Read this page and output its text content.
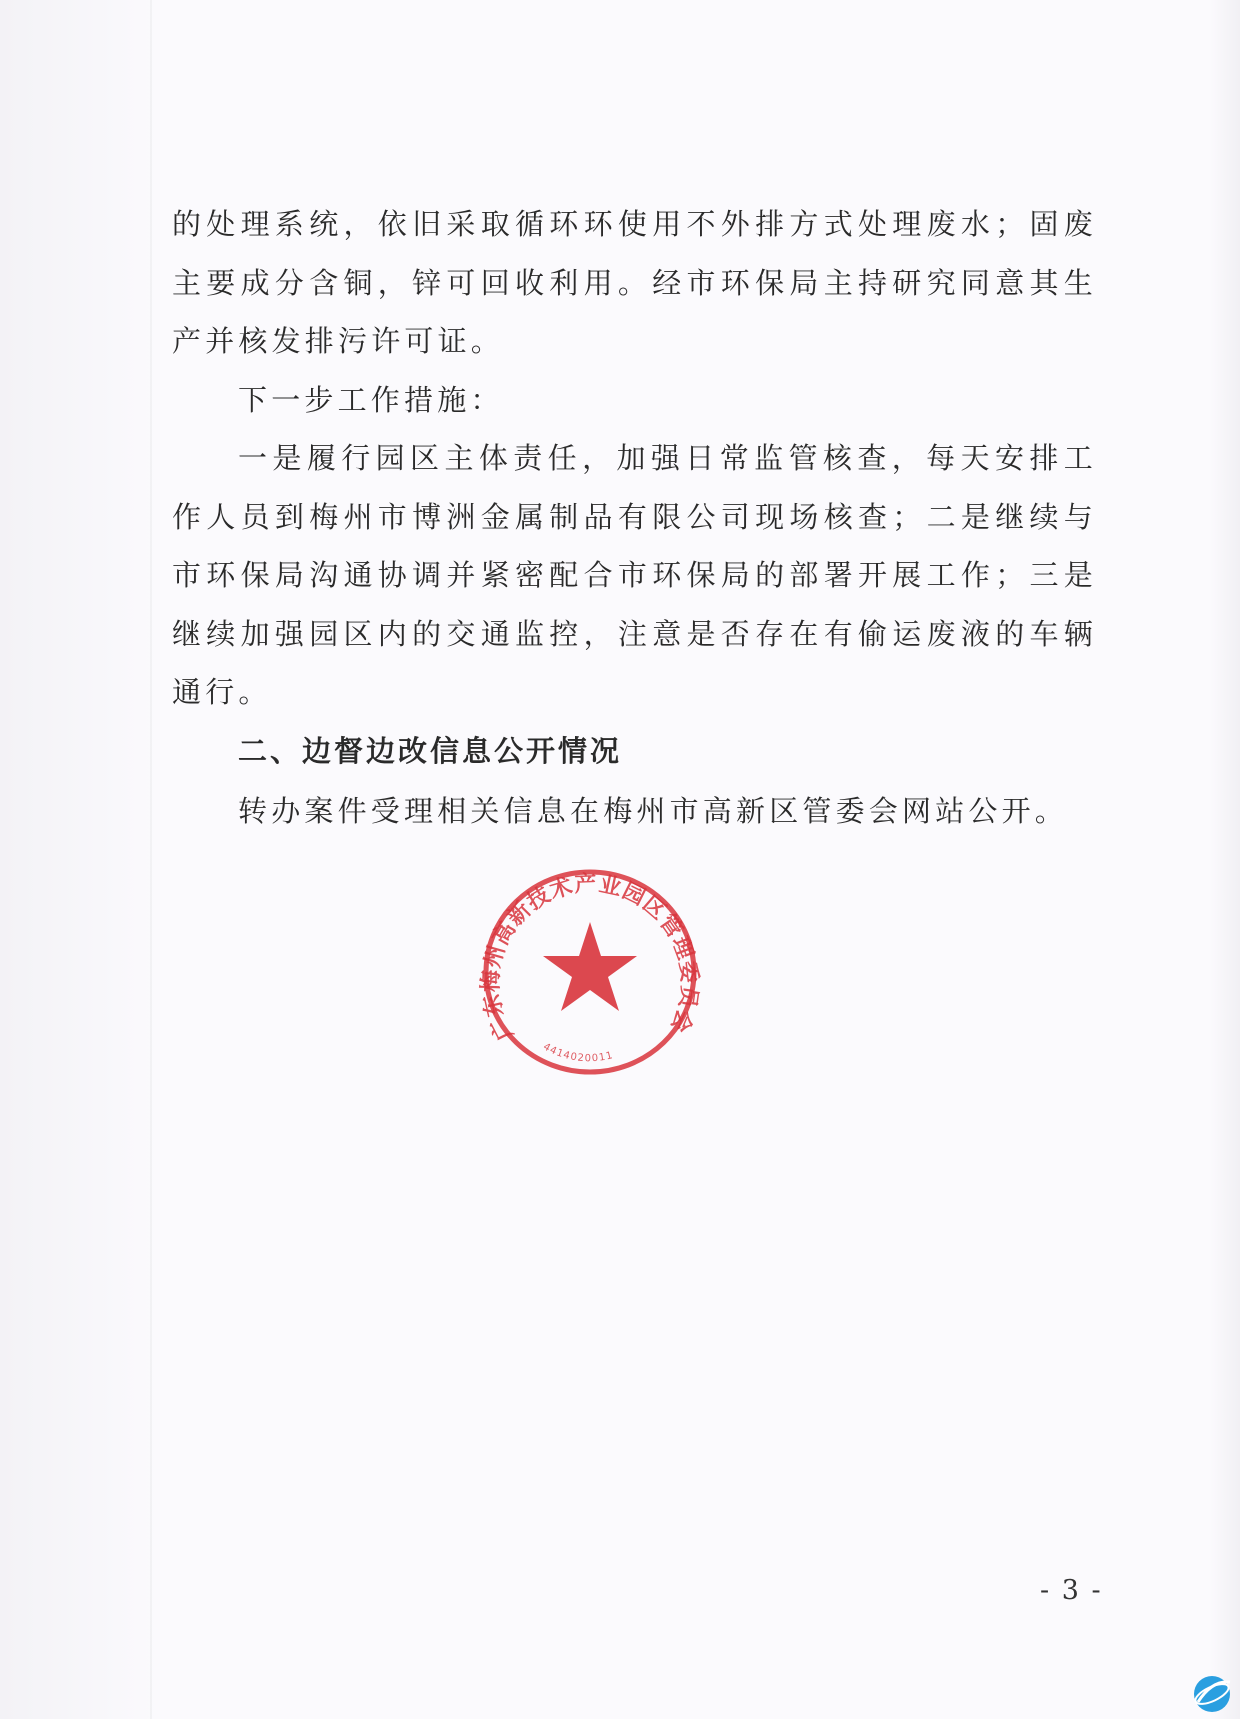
的处理系统，依旧采取循环环使用不外排方式处理废水；固废主要成分含铜，锌可回收利用。经市环保局主持研究同意其生产并核发排污许可证。

下一步工作措施：

一是履行园区主体责任，加强日常监管核查，每天安排工作人员到梅州市博洲金属制品有限公司现场核查；二是继续与市环保局沟通协调并紧密配合市环保局的部署开展工作；三是继续加强园区内的交通监控，注意是否存在有偷运废液的车辆通行。

二、边督边改信息公开情况

转办案件受理相关信息在梅州市高新区管委会网站公开。

广东梅州高新技术产业园区管理委员会
4414020011
- 3 -
